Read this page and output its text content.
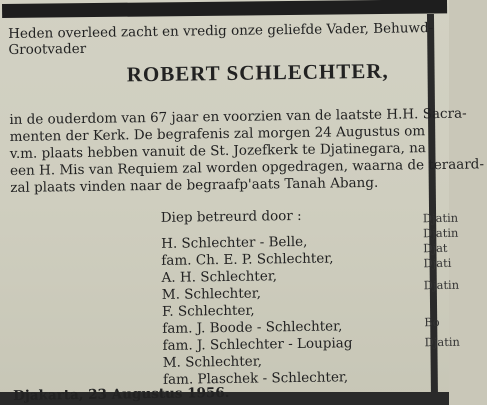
Heden overleed zacht en vredig onze geliefde Vader, Behuwd-
Grootvader
ROBERT SCHLECHTER,
in de ouderdom van 67 jaar en voorzien van de laatste H.H. Sacra-
menten der Kerk. De begrafenis zal morgen 24 Augustus om
v.m. plaats hebben vanuit de St. Jozefkerk te Djatinegara, na
een H. Mis van Requiem zal worden opgedragen, waarna de teraard-
zal plaats vinden naar de begraafp'aats Tanah Abang.
Diep betreurd door :
H. Schlechter - Belle,
fam. Ch. E. P. Schlechter,
A. H. Schlechter,
M. Schlechter,
F. Schlechter,
fam. J. Boode - Schlechter,
fam. J. Schlechter - Loupiag
M. Schlechter,
fam. Plaschek - Schlechter,
Djakarta, 23 Augustus 1956.
Djatin
Djatin
Djat
Djati
Djatin
Bo
Djatin
